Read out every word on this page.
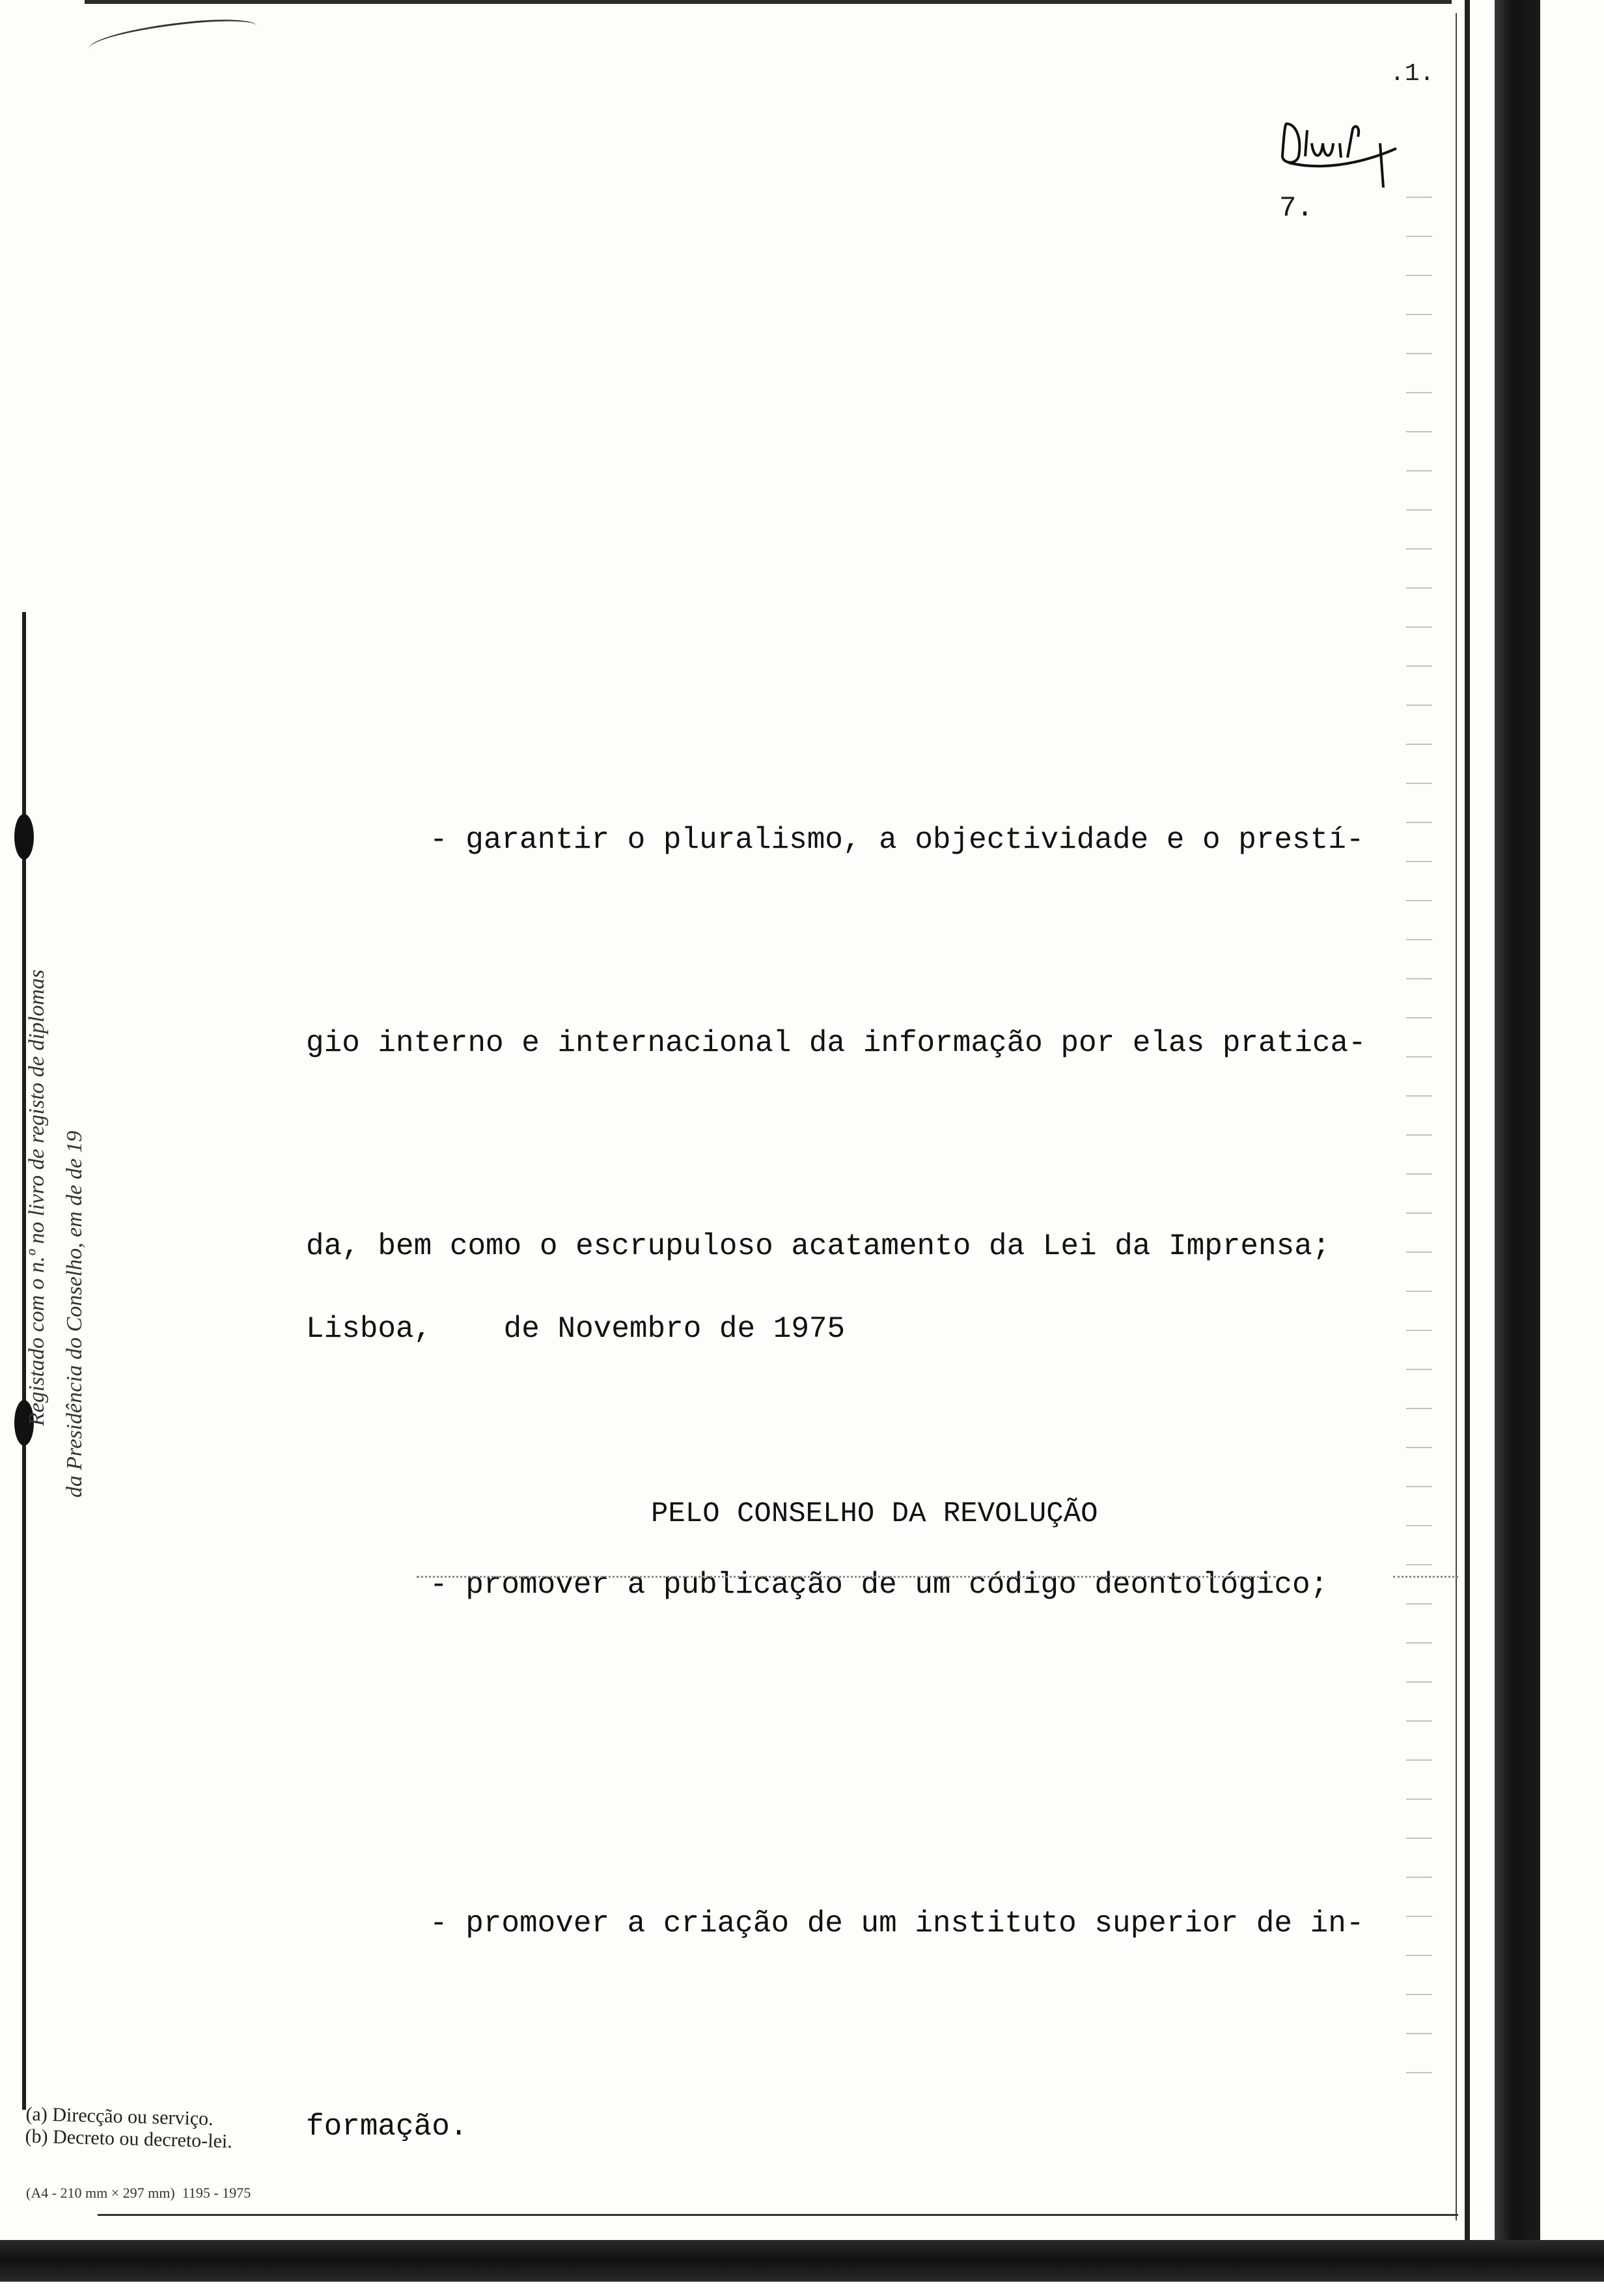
Registado com o n.º no livro de registo de diplomas da Presidência do Conselho, em de de 19
.1.
7.

- garantir o pluralismo, a objectividade e o prestí-

gio interno e internacional da informação por elas pratica-

da, bem como o escrupuloso acatamento da Lei da Imprensa;

- promover a publicação de um código deontológico;

- promover a criação de um instituto superior de in-

formação.

Lisboa,    de Novembro de 1975
PELO CONSELHO DA REVOLUÇÃO
(a) Direcção ou serviço.
(b) Decreto ou decreto-lei.
(A4 - 210 mm × 297 mm)  1195 - 1975
